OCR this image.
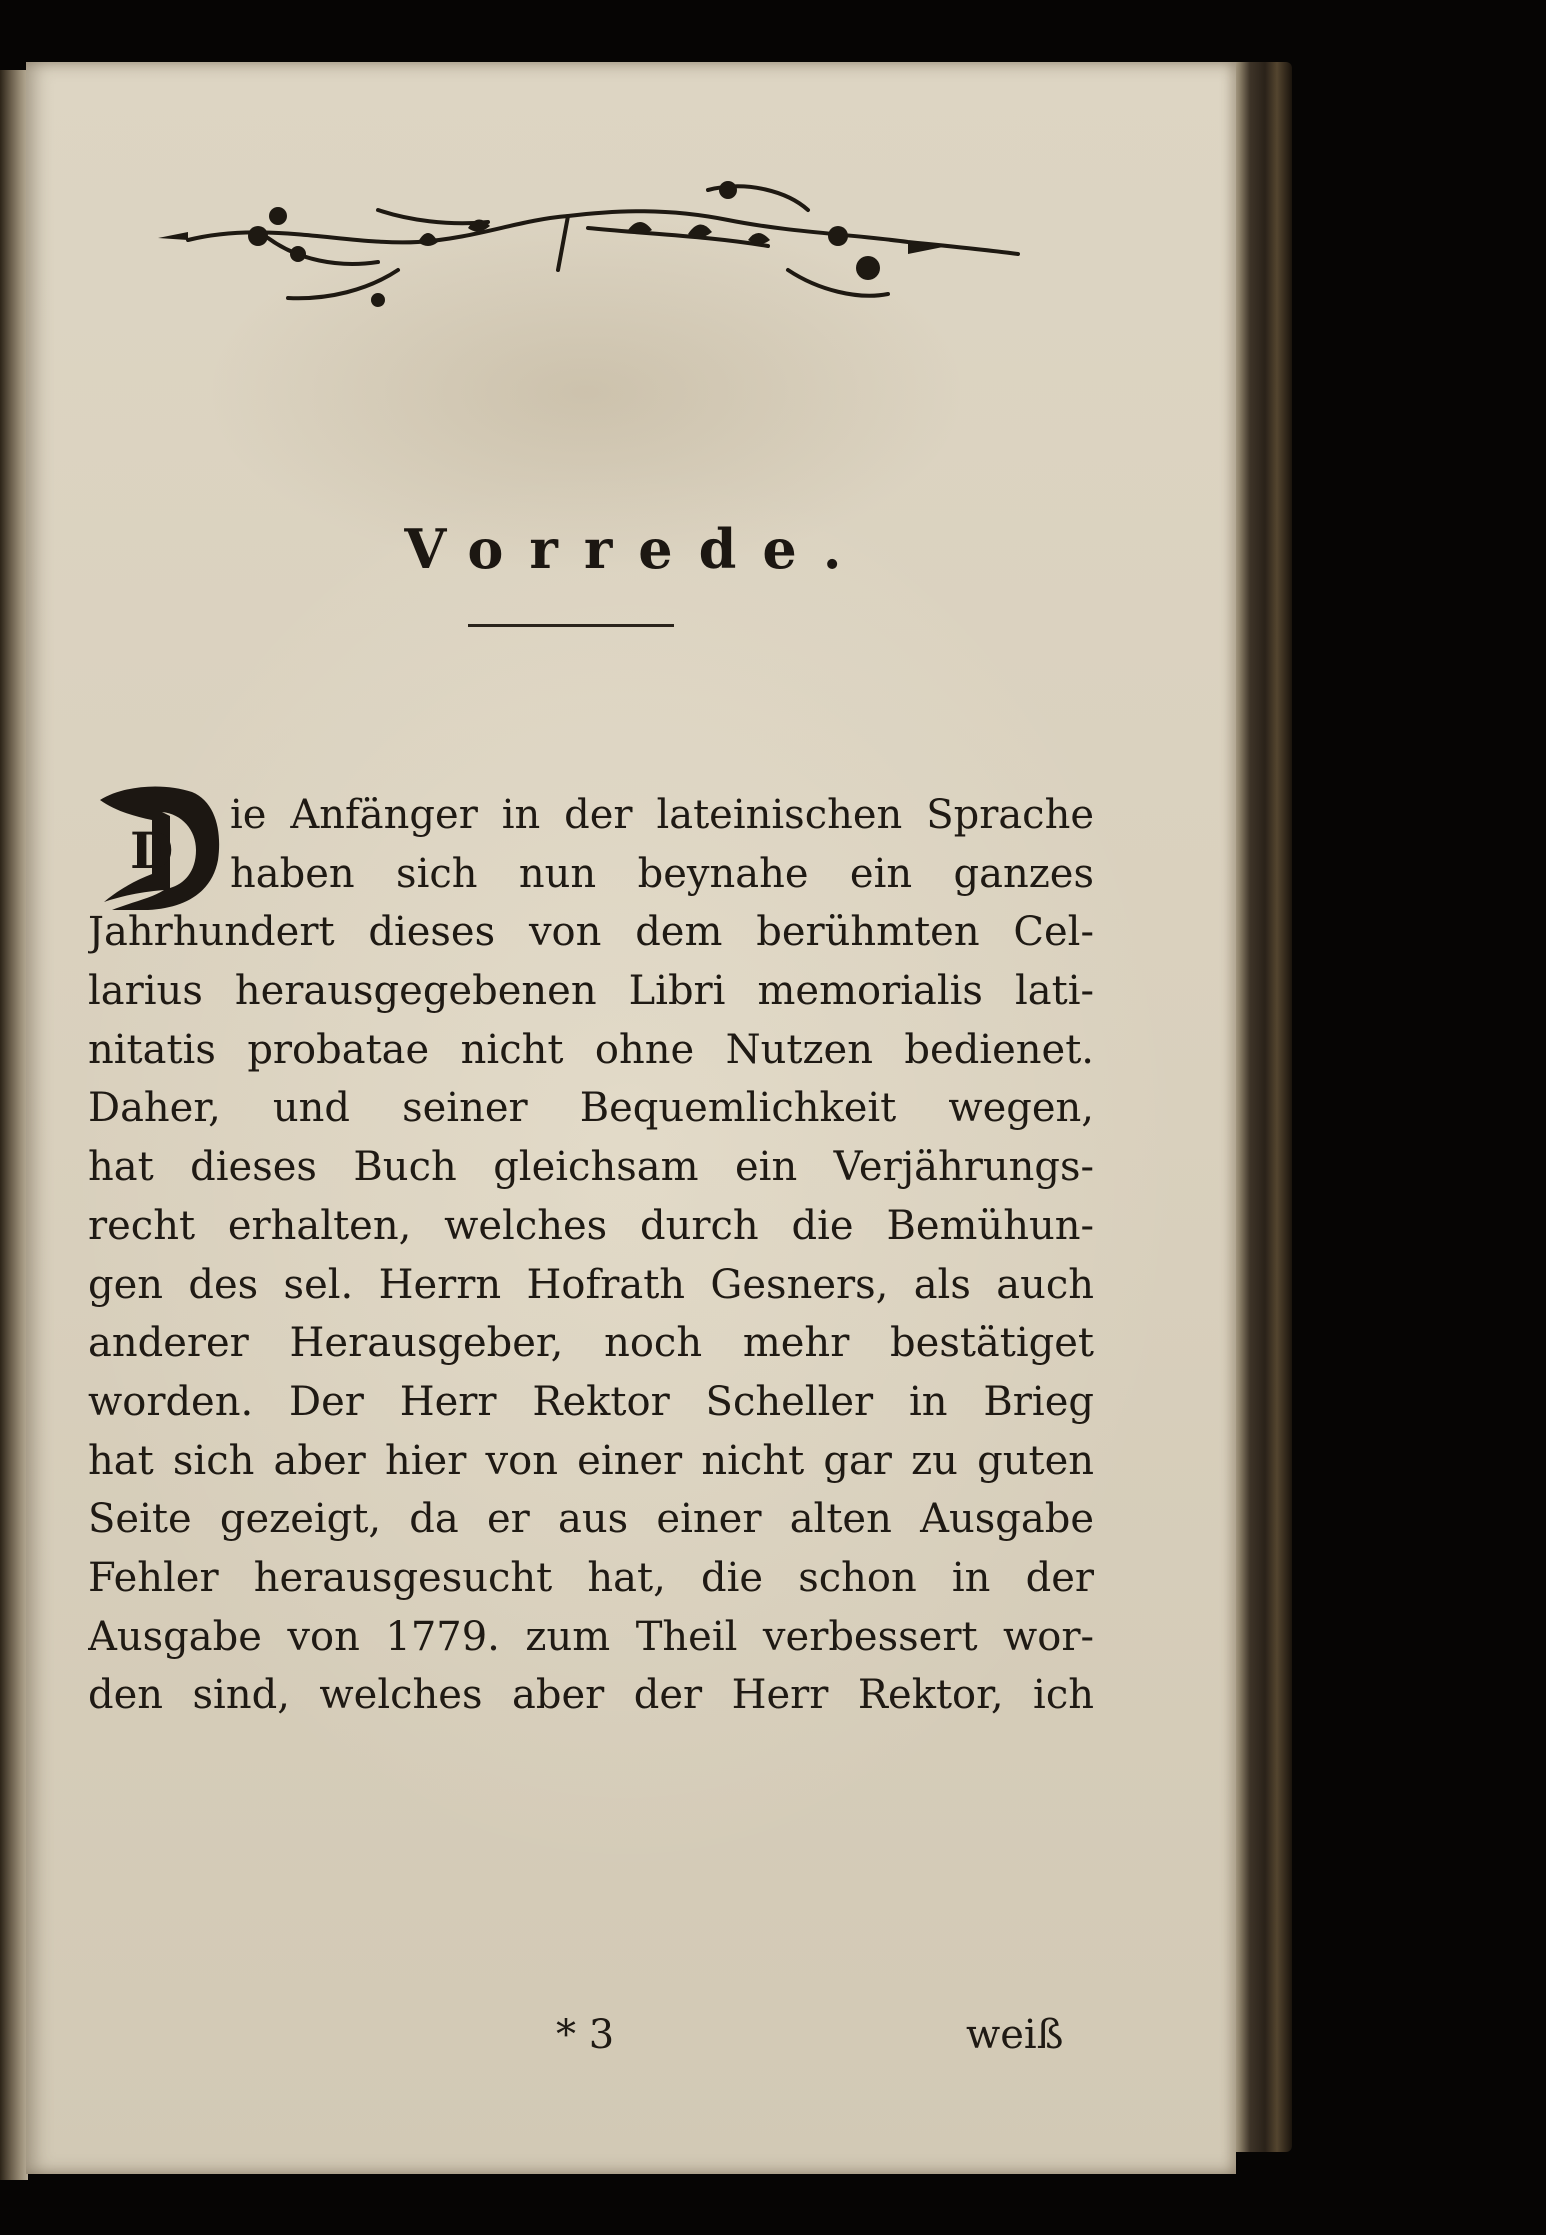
Vorrede.
D
ie Anfänger in der lateinischen Sprache
haben sich nun beynahe ein ganzes
Jahrhundert dieses von dem berühmten Cel-
larius herausgegebenen Libri memorialis lati-
nitatis probatae nicht ohne Nutzen bedienet.
Daher, und seiner Bequemlichkeit wegen,
hat dieses Buch gleichsam ein Verjährungs-
recht erhalten, welches durch die Bemühun-
gen des sel. Herrn Hofrath Gesners, als auch
anderer Herausgeber, noch mehr bestätiget
worden. Der Herr Rektor Scheller in Brieg
hat sich aber hier von einer nicht gar zu guten
Seite gezeigt, da er aus einer alten Ausgabe
Fehler herausgesucht hat, die schon in der
Ausgabe von 1779. zum Theil verbessert wor-
den sind, welches aber der Herr Rektor, ich
* 3	weiß
